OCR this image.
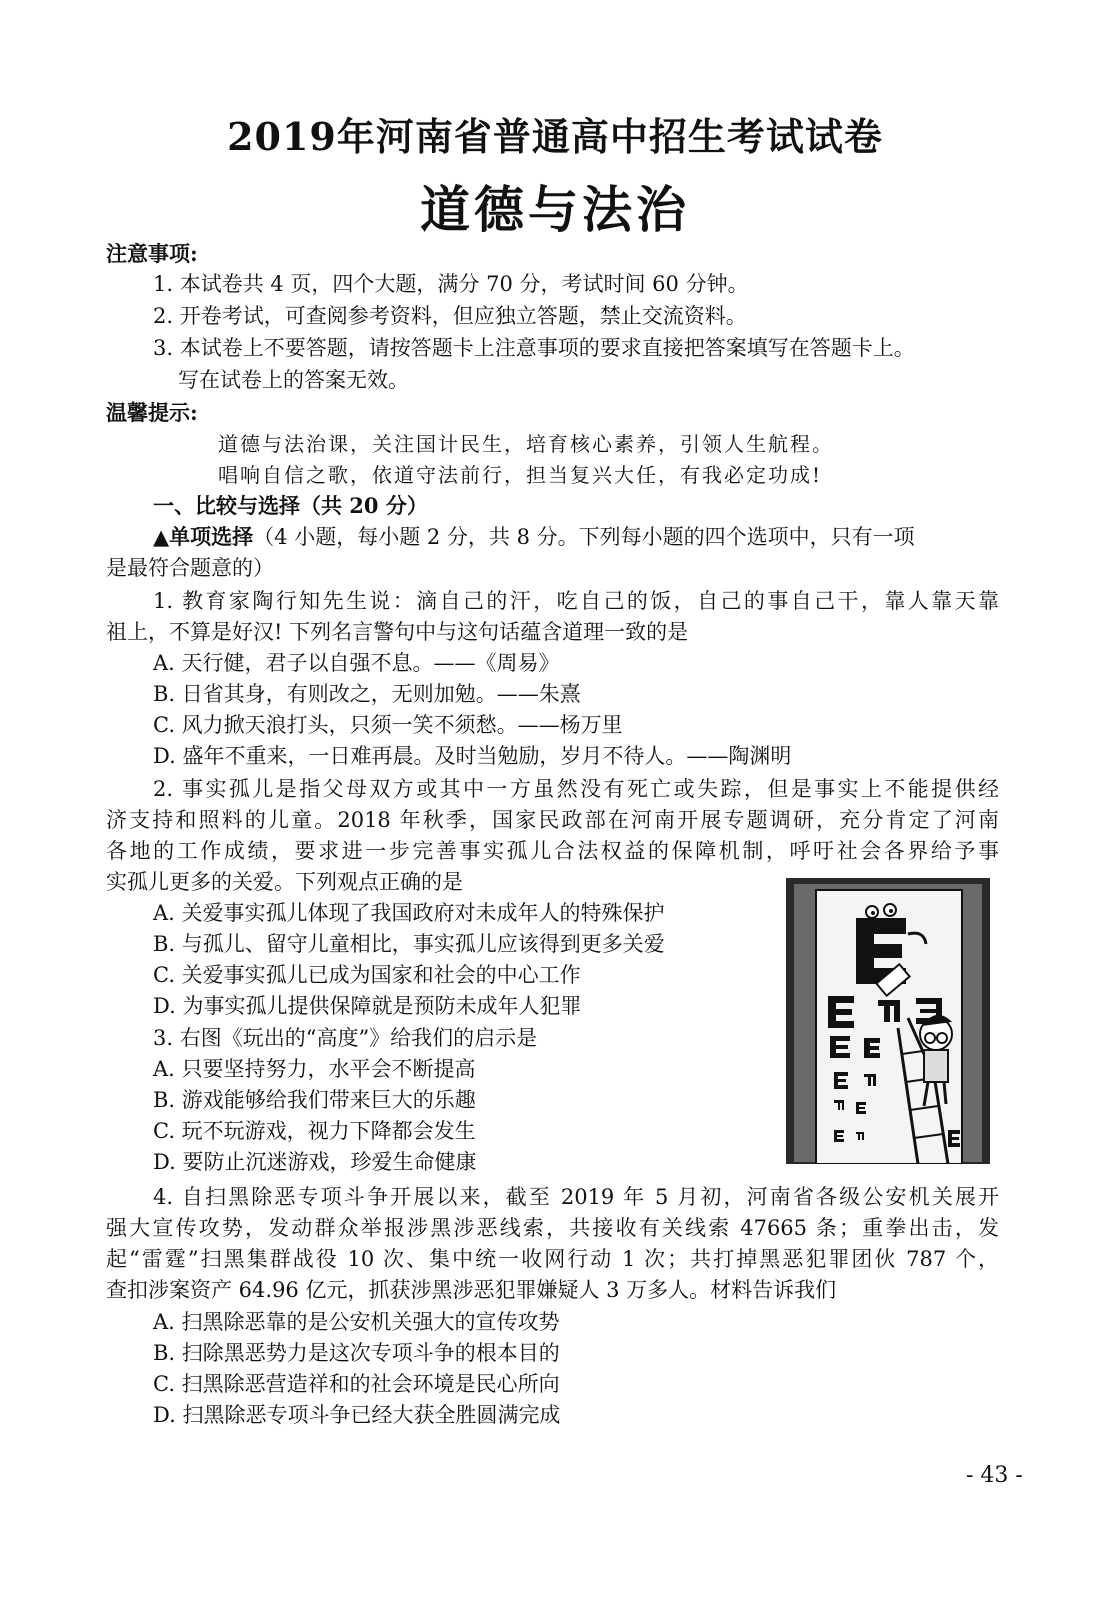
2019年河南省普通高中招生考试试卷
道德与法治
注意事项:
1. 本试卷共 4 页，四个大题，满分 70 分，考试时间 60 分钟。
2. 开卷考试，可查阅参考资料，但应独立答题，禁止交流资料。
3. 本试卷上不要答题，请按答题卡上注意事项的要求直接把答案填写在答题卡上。
写在试卷上的答案无效。
温馨提示:
道德与法治课，关注国计民生，培育核心素养，引领人生航程。
唱响自信之歌，依道守法前行，担当复兴大任，有我必定功成!
一、比较与选择（共 20 分）
▲单项选择（4 小题，每小题 2 分，共 8 分。下列每小题的四个选项中，只有一项
是最符合题意的）
1. 教育家陶行知先生说：滴自己的汗，吃自己的饭，自己的事自己干，靠人靠天靠
祖上，不算是好汉! 下列名言警句中与这句话蕴含道理一致的是
A. 天行健，君子以自强不息。——《周易》
B. 日省其身，有则改之，无则加勉。——朱熹
C. 风力掀天浪打头，只须一笑不须愁。——杨万里
D. 盛年不重来，一日难再晨。及时当勉励，岁月不待人。——陶渊明
2. 事实孤儿是指父母双方或其中一方虽然没有死亡或失踪，但是事实上不能提供经
济支持和照料的儿童。2018 年秋季，国家民政部在河南开展专题调研，充分肯定了河南
各地的工作成绩，要求进一步完善事实孤儿合法权益的保障机制，呼吁社会各界给予事
实孤儿更多的关爱。下列观点正确的是
A. 关爱事实孤儿体现了我国政府对未成年人的特殊保护
B. 与孤儿、留守儿童相比，事实孤儿应该得到更多关爱
C. 关爱事实孤儿已成为国家和社会的中心工作
D. 为事实孤儿提供保障就是预防未成年人犯罪
3. 右图《玩出的“高度”》给我们的启示是
A. 只要坚持努力，水平会不断提高
B. 游戏能够给我们带来巨大的乐趣
C. 玩不玩游戏，视力下降都会发生
D. 要防止沉迷游戏，珍爱生命健康
4. 自扫黑除恶专项斗争开展以来，截至 2019 年 5 月初，河南省各级公安机关展开
强大宣传攻势，发动群众举报涉黑涉恶线索，共接收有关线索 47665 条；重拳出击，发
起“雷霆”扫黑集群战役 10 次、集中统一收网行动 1 次；共打掉黑恶犯罪团伙 787 个，
查扣涉案资产 64.96 亿元，抓获涉黑涉恶犯罪嫌疑人 3 万多人。材料告诉我们
A. 扫黑除恶靠的是公安机关强大的宣传攻势
B. 扫除黑恶势力是这次专项斗争的根本目的
C. 扫黑除恶营造祥和的社会环境是民心所向
D. 扫黑除恶专项斗争已经大获全胜圆满完成
- 43 -
